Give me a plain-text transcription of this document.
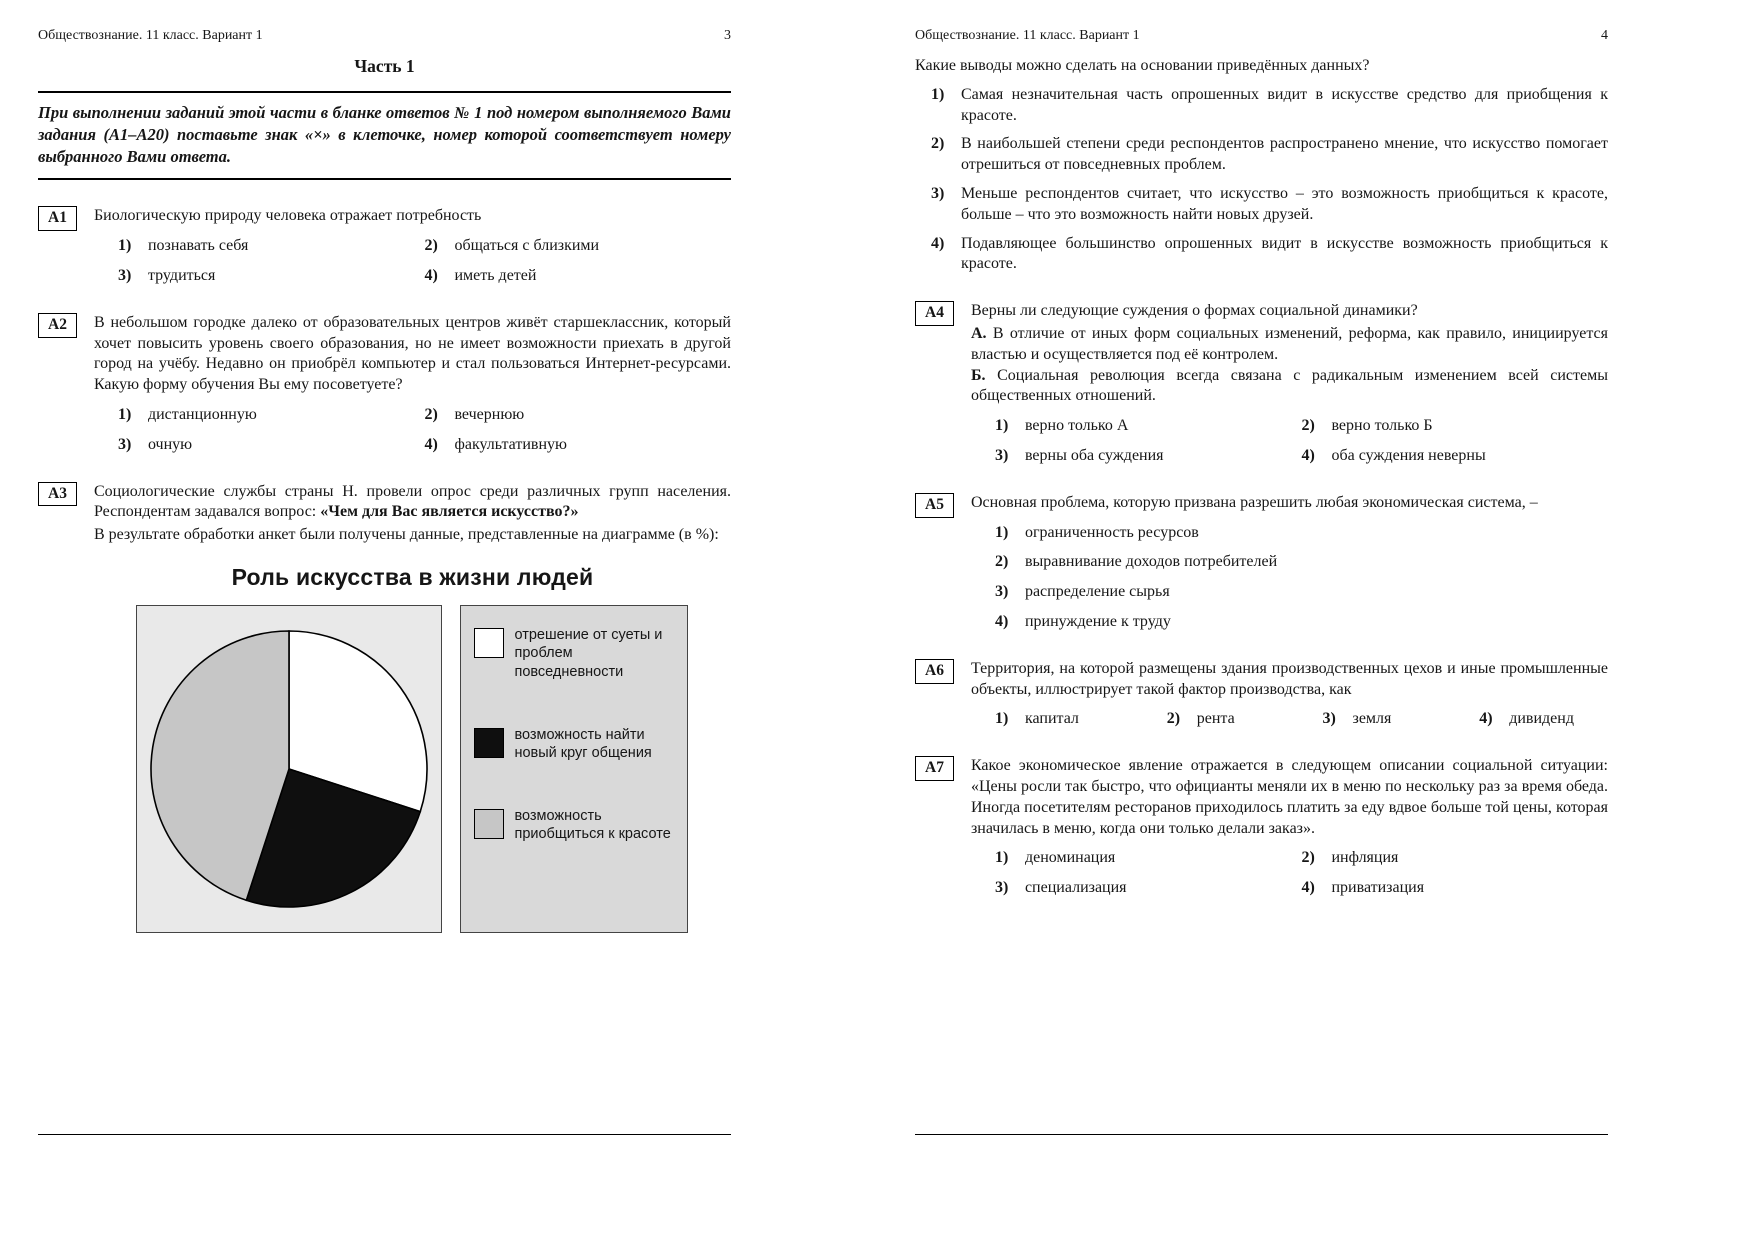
Обществознание. 11 класс. Вариант 1	3
Часть 1

При выполнении заданий этой части в бланке ответов № 1 под номером выполняемого Вами задания (А1–А20) поставьте знак «×» в клеточке, номер которой соответствует номеру выбранного Вами ответа.

А1	Биологическую природу человека отражает потребность

1)	познавать себя	2)	общаться с близкими
3)	трудиться	4)	иметь детей
А2	В небольшом городке далеко от образовательных центров живёт старшеклассник, который хочет повысить уровень своего образования, но не имеет возможности приехать в другой город на учёбу. Недавно он приобрёл компьютер и стал пользоваться Интернет-ресурсами. Какую форму обучения Вы ему посоветуете?

1)	дистанционную	2)	вечернюю
3)	очную	4)	факультативную
А3	Социологические службы страны Н. провели опрос среди различных групп населения. Респондентам задавался вопрос: «Чем для Вас является искусство?»

В результате обработки анкет были получены данные, представленные на диаграмме (в %):

Роль искусства в жизни людей
отрешение от суеты и проблем повседневности
возможность найти новый круг общения
возможность приобщиться к красоте
Обществознание. 11 класс. Вариант 1	4

Какие выводы можно сделать на основании приведённых данных?

1)	Самая незначительная часть опрошенных видит в искусстве средство для приобщения к красоте.
2)	В наибольшей степени среди респондентов распространено мнение, что искусство помогает отрешиться от повседневных проблем.
3)	Меньше респондентов считает, что искусство – это возможность приобщиться к красоте, больше – что это возможность найти новых друзей.
4)	Подавляющее большинство опрошенных видит в искусстве возможность приобщиться к красоте.
А4	Верны ли следующие суждения о формах социальной динамики?

А. В отличие от иных форм социальных изменений, реформа, как правило, инициируется властью и осуществляется под её контролем.

Б. Социальная революция всегда связана с радикальным изменением всей системы общественных отношений.

1)	верно только А	2)	верно только Б
3)	верны оба суждения	4)	оба суждения неверны
А5	Основная проблема, которую призвана разрешить любая экономическая система, –

1)	ограниченность ресурсов
2)	выравнивание доходов потребителей
3)	распределение сырья
4)	принуждение к труду
А6	Территория, на которой размещены здания производственных цехов и иные промышленные объекты, иллюстрирует такой фактор производства, как

1)	капитал	2)	рента	3)	земля	4)	дивиденд
А7	Какое экономическое явление отражается в следующем описании социальной ситуации: «Цены росли так быстро, что официанты меняли их в меню по нескольку раз за время обеда. Иногда посетителям ресторанов приходилось платить за еду вдвое больше той цены, которая значилась в меню, когда они только делали заказ».

1)	деноминация	2)	инфляция
3)	специализация	4)	приватизация
